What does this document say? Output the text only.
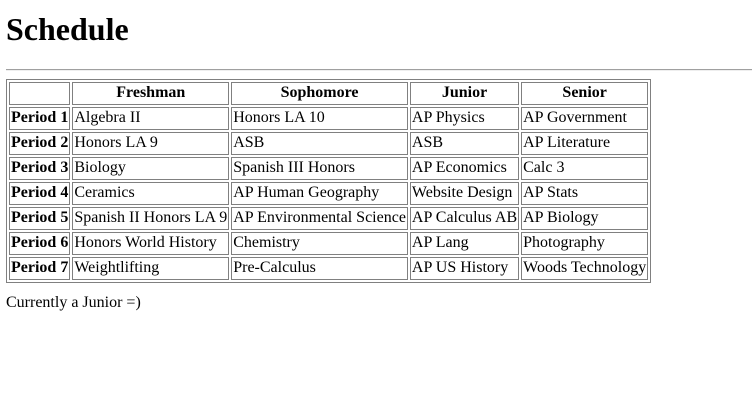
Schedule
	Freshman	Sophomore	Junior	Senior
Period 1	Algebra II	Honors LA 10	AP Physics	AP Government
Period 2	Honors LA 9	ASB	ASB	AP Literature
Period 3	Biology	Spanish III Honors	AP Economics	Calc 3
Period 4	Ceramics	AP Human Geography	Website Design	AP Stats
Period 5	Spanish II Honors LA 9	AP Environmental Science	AP Calculus AB	AP Biology
Period 6	Honors World History	Chemistry	AP Lang	Photography
Period 7	Weightlifting	Pre-Calculus	AP US History	Woods Technology

Currently a Junior =)
